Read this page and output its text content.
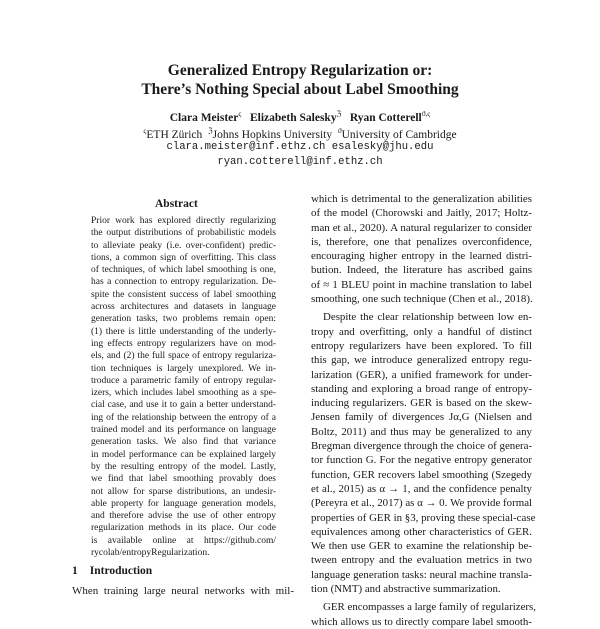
Generalized Entropy Regularization or:
There’s Nothing Special about Label Smoothing
Clara Meister$^\varsigma$ Elizabeth Salesky$^ℨ$ Ryan Cotterell$^{ϑ,\varsigma}$
$^\varsigma$ETH Zürich $^ℨ$Johns Hopkins University $^ϑ$University of Cambridge
clara.meister@inf.ethz.ch esalesky@jhu.edu
ryan.cotterell@inf.ethz.ch
Abstract
Prior work has explored directly regularizing
the output distributions of probabilistic models
to alleviate peaky (i.e. over-confident) predic-
tions, a common sign of overfitting. This class
of techniques, of which label smoothing is one,
has a connection to entropy regularization. De-
spite the consistent success of label smoothing
across architectures and datasets in language
generation tasks, two problems remain open:
(1) there is little understanding of the underly-
ing effects entropy regularizers have on mod-
els, and (2) the full space of entropy regulariza-
tion techniques is largely unexplored. We in-
troduce a parametric family of entropy regular-
izers, which includes label smoothing as a spe-
cial case, and use it to gain a better understand-
ing of the relationship between the entropy of a
trained model and its performance on language
generation tasks. We also find that variance
in model performance can be explained largely
by the resulting entropy of the model. Lastly,
we find that label smoothing provably does
not allow for sparse distributions, an undesir-
able property for language generation models,
and therefore advise the use of other entropy
regularization methods in its place. Our code
is available online at https://github.com/
rycolab/entropyRegularization.
1 Introduction
When training large neural networks with mil-
which is detrimental to the generalization abilities
of the model (Chorowski and Jaitly, 2017; Holtz-
man et al., 2020). A natural regularizer to consider
is, therefore, one that penalizes overconfidence,
encouraging higher entropy in the learned distri-
bution. Indeed, the literature has ascribed gains
of ≈ 1 BLEU point in machine translation to label
smoothing, one such technique (Chen et al., 2018).
Despite the clear relationship between low en-
tropy and overfitting, only a handful of distinct
entropy regularizers have been explored. To fill
this gap, we introduce generalized entropy regu-
larization (GER), a unified framework for under-
standing and exploring a broad range of entropy-
inducing regularizers. GER is based on the skew-
Jensen family of divergences Jα,G (Nielsen and
Boltz, 2011) and thus may be generalized to any
Bregman divergence through the choice of genera-
tor function G. For the negative entropy generator
function, GER recovers label smoothing (Szegedy
et al., 2015) as α → 1, and the confidence penalty
(Pereyra et al., 2017) as α → 0. We provide formal
properties of GER in §3, proving these special-case
equivalences among other characteristics of GER.
We then use GER to examine the relationship be-
tween entropy and the evaluation metrics in two
language generation tasks: neural machine transla-
tion (NMT) and abstractive summarization.
GER encompasses a large family of regularizers,
which allows us to directly compare label smooth-
